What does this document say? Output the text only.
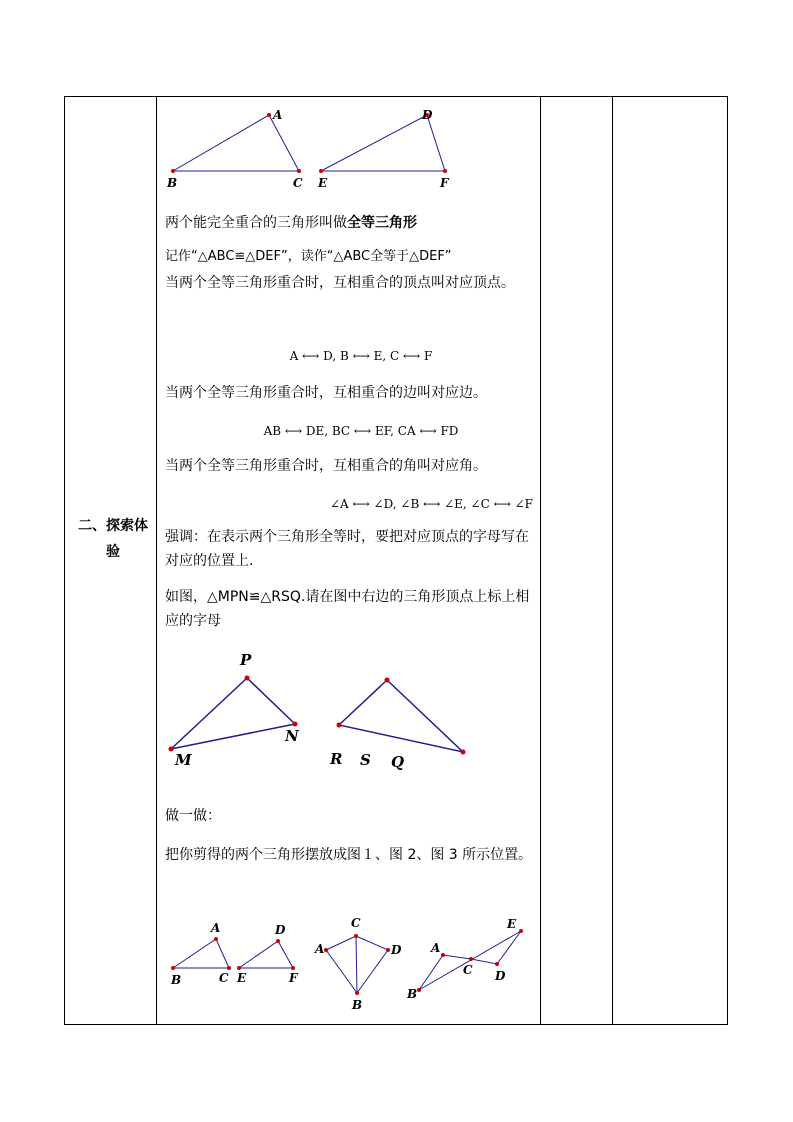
二、探索体验
A
B	C
D
E	F
两个能完全重合的三角形叫做全等三角形
记作“△ABC≌△DEF”，读作“△ABC全等于△DEF”
当两个全等三角形重合时，互相重合的顶点叫对应顶点。
A ⟷ D, B ⟷ E, C ⟷ F
当两个全等三角形重合时，互相重合的边叫对应边。
AB ⟷ DE, BC ⟷ EF, CA ⟷ FD
当两个全等三角形重合时，互相重合的角叫对应角。
∠A ⟷ ∠D, ∠B ⟷ ∠E, ∠C ⟷ ∠F
强调：在表示两个三角形全等时，要把对应顶点的字母写在对应的位置上.
如图，△MPN≌△RSQ.请在图中右边的三角形顶点上标上相应的字母
P
M
N
R S Q
做一做：
把你剪得的两个三角形摆放成图１、图 2、图 3 所示位置。
A
B	C
D
E	F
A
C
D
B
B
A
C D
E
